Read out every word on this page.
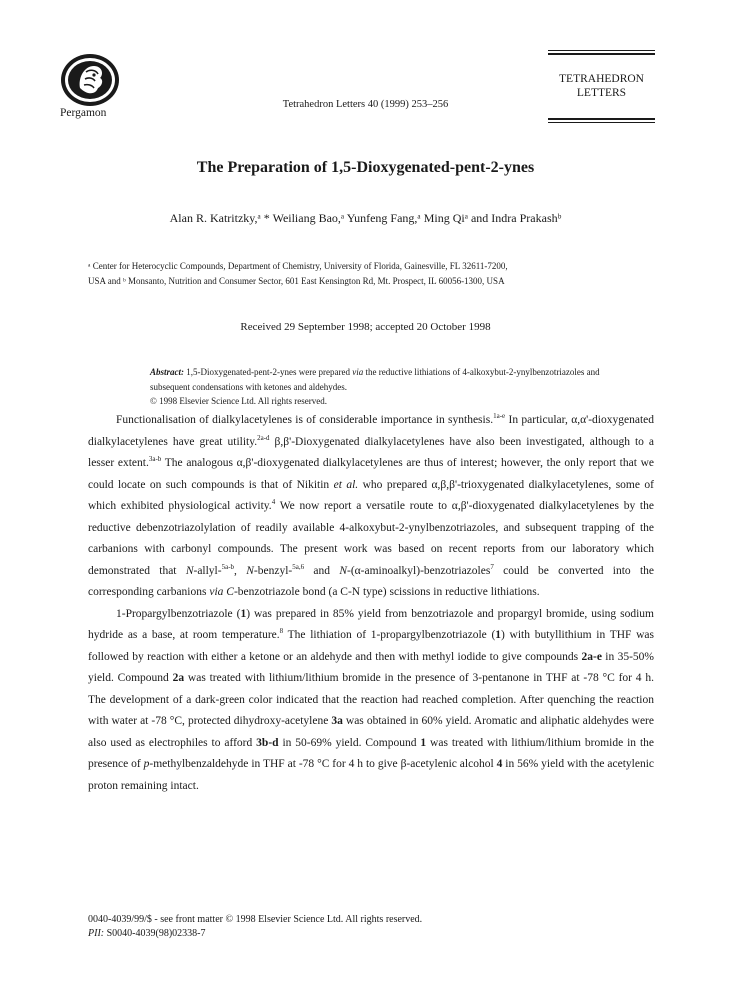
Pergamon
Tetrahedron Letters 40 (1999) 253–256
TETRAHEDRON
LETTERS
The Preparation of 1,5-Dioxygenated-pent-2-ynes
Alan R. Katritzky,ᵃ * Weiliang Bao,ᵃ Yunfeng Fang,ᵃ Ming Qiᵃ and Indra Prakashᵇ
ᵃ Center for Heterocyclic Compounds, Department of Chemistry, University of Florida, Gainesville, FL 32611-7200,
USA and ᵇ Monsanto, Nutrition and Consumer Sector, 601 East Kensington Rd, Mt. Prospect, IL 60056-1300, USA
Received 29 September 1998; accepted 20 October 1998
Abstract: 1,5-Dioxygenated-pent-2-ynes were prepared via the reductive lithiations of 4-alkoxybut-2-ynylbenzotriazoles and subsequent condensations with ketones and aldehydes.
© 1998 Elsevier Science Ltd. All rights reserved.

Functionalisation of dialkylacetylenes is of considerable importance in synthesis.$^{1a-e}$ In particular, α,α'-dioxygenated dialkylacetylenes have great utility.$^{2a-d}$ β,β'-Dioxygenated dialkylacetylenes have also been investigated, although to a lesser extent.$^{3a-b}$ The analogous α,β'-dioxygenated dialkylacetylenes are thus of interest; however, the only report that we could locate on such compounds is that of Nikitin et al. who prepared α,β,β'-trioxygenated dialkylacetylenes, some of which exhibited physiological activity.$^4$ We now report a versatile route to α,β'-dioxygenated dialkylacetylenes by the reductive debenzotriazolylation of readily available 4-alkoxybut-2-ynylbenzotriazoles, and subsequent trapping of the carbanions with carbonyl compounds. The present work was based on recent reports from our laboratory which demonstrated that N-allyl-$^{5a-b}$, N-benzyl-$^{5a,6}$ and N-(α-aminoalkyl)-benzotriazoles$^7$ could be converted into the corresponding carbanions via C-benzotriazole bond (a C-N type) scissions in reductive lithiations.

1-Propargylbenzotriazole (1) was prepared in 85% yield from benzotriazole and propargyl bromide, using sodium hydride as a base, at room temperature.$^8$ The lithiation of 1-propargylbenzotriazole (1) with butyllithium in THF was followed by reaction with either a ketone or an aldehyde and then with methyl iodide to give compounds 2a-e in 35-50% yield. Compound 2a was treated with lithium/lithium bromide in the presence of 3-pentanone in THF at -78 °C for 4 h. The development of a dark-green color indicated that the reaction had reached completion. After quenching the reaction with water at -78 °C, protected dihydroxy-acetylene 3a was obtained in 60% yield. Aromatic and aliphatic aldehydes were also used as electrophiles to afford 3b-d in 50-69% yield. Compound 1 was treated with lithium/lithium bromide in the presence of p-methylbenzaldehyde in THF at -78 °C for 4 h to give β-acetylenic alcohol 4 in 56% yield with the acetylenic proton remaining intact.

0040-4039/99/$ - see front matter © 1998 Elsevier Science Ltd. All rights reserved.
PII: S0040-4039(98)02338-7
